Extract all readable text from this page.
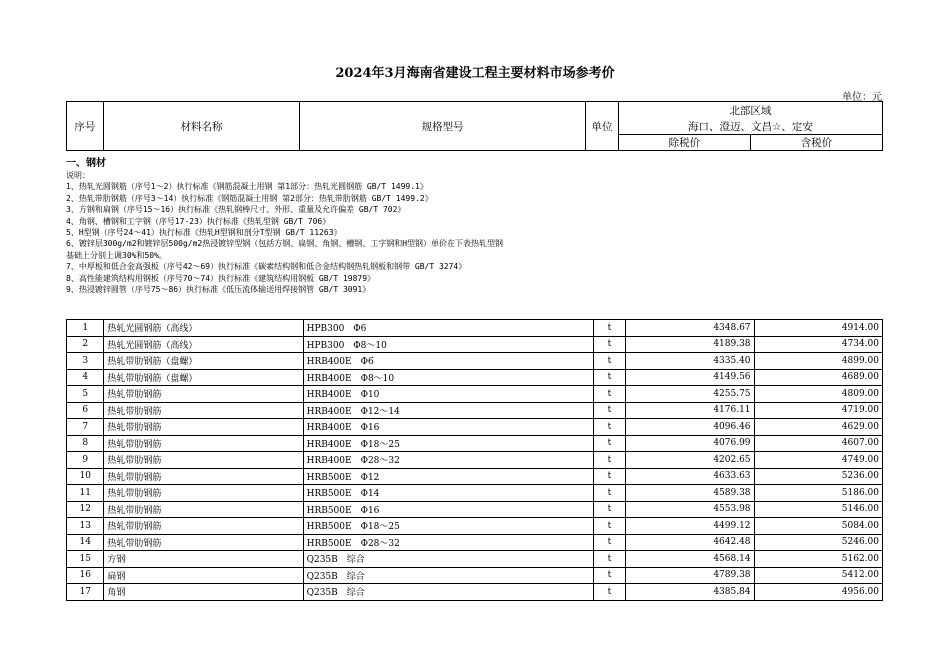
2024年3月海南省建设工程主要材料市场参考价
单位：元
序号	材料名称	规格型号	单位	北部区域	
				海口、澄迈、文昌☆、定安	
				除税价	含税价
一、钢材
说明：
1、热轧光圆钢筋（序号1～2）执行标准《钢筋混凝土用钢 第1部分：热轧光圆钢筋 GB/T 1499.1》
2、热轧带肋钢筋（序号3～14）执行标准《钢筋混凝土用钢 第2部分：热轧带肋钢筋 GB/T 1499.2》
3、方钢和扁钢（序号15～16）执行标准《热轧钢棒尺寸、外形、重量及允许偏差 GB/T 702》
4、角钢、槽钢和工字钢（序号17-23）执行标准《热轧型钢 GB/T 706》
5、H型钢（序号24～41）执行标准《热轧H型钢和剖分T型钢 GB/T 11263》
6、镀锌层300g/m2和镀锌层500g/m2热浸镀锌型钢（包括方钢、扁钢、角钢、槽钢、工字钢和H型钢）单价在下表热轧型钢
基础上分别上调30%和50%。
7、中厚板和低合金高强板（序号42～69）执行标准《碳素结构钢和低合金结构钢热轧钢板和钢带 GB/T 3274》
8、高性能建筑结构用钢板（序号70～74）执行标准《建筑结构用钢板 GB/T 19879》
9、热浸镀锌圆管（序号75～86）执行标准《低压流体输送用焊接钢管 GB/T 3091》
1	热轧光圆钢筋（高线）	HPB300　Φ6	t	4348.67	4914.00
2	热轧光圆钢筋（高线）	HPB300　Φ8～10	t	4189.38	4734.00
3	热轧带肋钢筋（盘螺）	HRB400E　Φ6	t	4335.40	4899.00
4	热轧带肋钢筋（盘螺）	HRB400E　Φ8～10	t	4149.56	4689.00
5	热轧带肋钢筋	HRB400E　Φ10	t	4255.75	4809.00
6	热轧带肋钢筋	HRB400E　Φ12～14	t	4176.11	4719.00
7	热轧带肋钢筋	HRB400E　Φ16	t	4096.46	4629.00
8	热轧带肋钢筋	HRB400E　Φ18～25	t	4076.99	4607.00
9	热轧带肋钢筋	HRB400E　Φ28～32	t	4202.65	4749.00
10	热轧带肋钢筋	HRB500E　Φ12	t	4633.63	5236.00
11	热轧带肋钢筋	HRB500E　Φ14	t	4589.38	5186.00
12	热轧带肋钢筋	HRB500E　Φ16	t	4553.98	5146.00
13	热轧带肋钢筋	HRB500E　Φ18～25	t	4499.12	5084.00
14	热轧带肋钢筋	HRB500E　Φ28～32	t	4642.48	5246.00
15	方钢	Q235B　综合	t	4568.14	5162.00
16	扁钢	Q235B　综合	t	4789.38	5412.00
17	角钢	Q235B　综合	t	4385.84	4956.00
